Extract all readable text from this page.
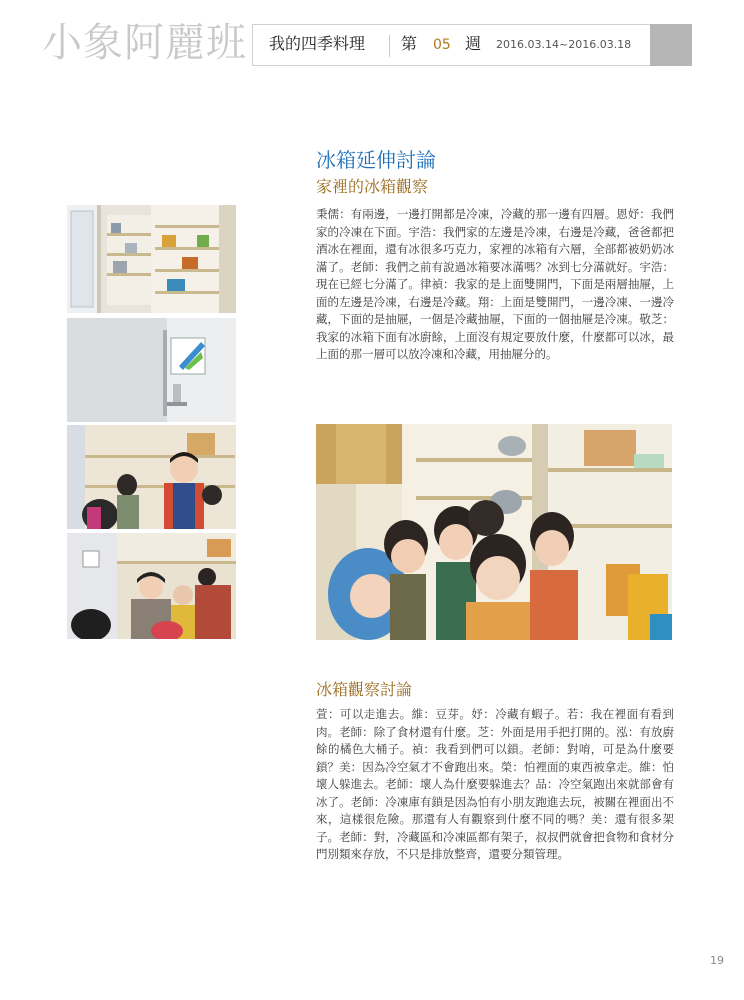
小象阿麗班 我的四季料理 第 05 週 2016.03.14~2016.03.18
冰箱延伸討論
家裡的冰箱觀察

秉儒：有兩邊，一邊打開都是冷凍，冷藏的那一邊有四層。恩妤：我們家的冷凍在下面。宇浩：我們家的左邊是冷凍，右邊是冷藏，爸爸都把酒冰在裡面，還有冰很多巧克力，家裡的冰箱有六層，全部都被奶奶冰滿了。老師：我們之前有說過冰箱要冰滿嗎？冰到七分滿就好。宇浩：現在已經七分滿了。律禎：我家的是上面雙開門，下面是兩層抽屜，上面的左邊是冷凍，右邊是冷藏。翔：上面是雙開門，一邊冷凍、一邊冷藏，下面的是抽屜，一個是冷藏抽屜，下面的一個抽屜是冷凍。敬芝：我家的冰箱下面有冰廚餘，上面沒有規定要放什麼，什麼都可以冰，最上面的那一層可以放冷凍和冷藏，用抽屜分的。

冰箱觀察討論

萱：可以走進去。維：豆芽。妤：冷藏有蝦子。若：我在裡面有看到肉。老師：除了食材還有什麼。芝：外面是用手把打開的。泓：有放廚餘的橘色大桶子。禎：我看到們可以鎖。老師：對唷，可是為什麼要鎖？美：因為冷空氣才不會跑出來。榮：怕裡面的東西被拿走。維：怕壞人躲進去。老師：壞人為什麼要躲進去？品：冷空氣跑出來就部會有冰了。老師：冷凍庫有鎖是因為怕有小朋友跑進去玩，被關在裡面出不來，這樣很危險。那還有人有觀察到什麼不同的嗎？美：還有很多架子。老師：對，冷藏區和冷凍區都有架子，叔叔們就會把食物和食材分門別類來存放，不只是排放整齊，還要分類管理。

19
